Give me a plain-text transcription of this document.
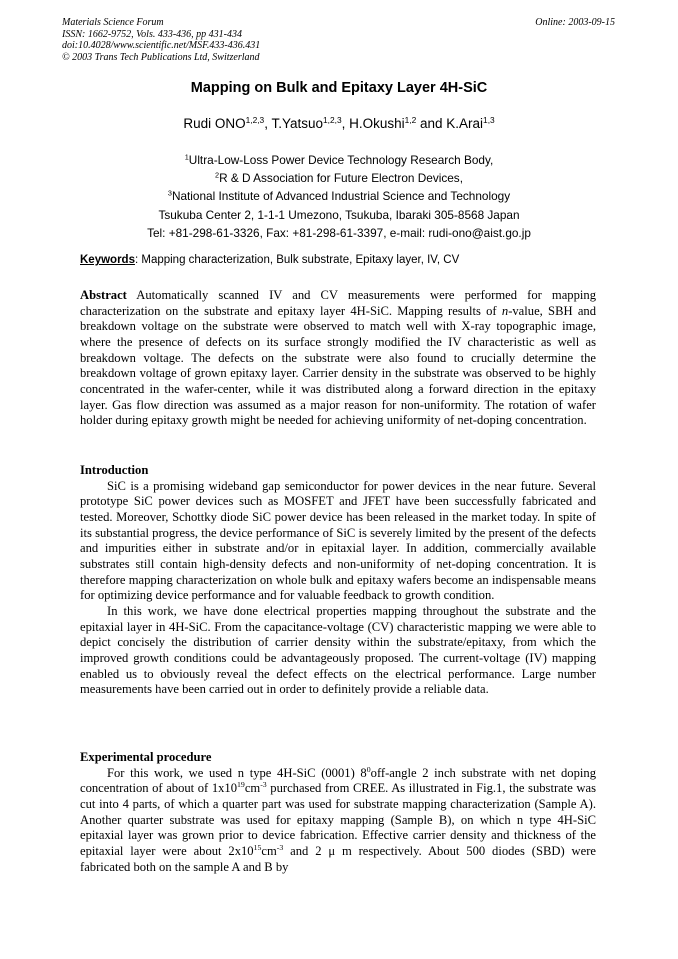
Materials Science Forum
ISSN: 1662-9752, Vols. 433-436, pp 431-434
doi:10.4028/www.scientific.net/MSF.433-436.431
© 2003 Trans Tech Publications Ltd, Switzerland
Online: 2003-09-15
Mapping on Bulk and Epitaxy Layer 4H-SiC
Rudi ONO$^{1,2,3}$, T.Yatsuo$^{1,2,3}$, H.Okushi$^{1,2}$ and K.Arai$^{1,3}$
$^1$Ultra-Low-Loss Power Device Technology Research Body,
$^2$R & D Association for Future Electron Devices,
$^3$National Institute of Advanced Industrial Science and Technology
Tsukuba Center 2, 1-1-1 Umezono, Tsukuba, Ibaraki 305-8568 Japan
Tel: +81-298-61-3326, Fax: +81-298-61-3397, e-mail: rudi-ono@aist.go.jp
Keywords: Mapping characterization, Bulk substrate, Epitaxy layer, IV, CV
Abstract Automatically scanned IV and CV measurements were performed for mapping characterization on the substrate and epitaxy layer 4H-SiC. Mapping results of n-value, SBH and breakdown voltage on the substrate were observed to match well with X-ray topographic image, where the presence of defects on its surface strongly modified the IV characteristic as well as breakdown voltage. The defects on the substrate were also found to crucially determine the breakdown voltage of grown epitaxy layer. Carrier density in the substrate was observed to be highly concentrated in the wafer-center, while it was distributed along a forward direction in the epitaxy layer. Gas flow direction was assumed as a major reason for non-uniformity. The rotation of wafer holder during epitaxy growth might be needed for achieving uniformity of net-doping concentration.
Introduction

SiC is a promising wideband gap semiconductor for power devices in the near future. Several prototype SiC power devices such as MOSFET and JFET have been successfully fabricated and tested. Moreover, Schottky diode SiC power device has been released in the market today. In spite of its substantial progress, the device performance of SiC is severely limited by the present of the defects and impurities either in substrate and/or in epitaxial layer. In addition, commercially available substrates still contain high-density defects and non-uniformity of net-doping concentration. It is therefore mapping characterization on whole bulk and epitaxy wafers become an indispensable means for optimizing device performance and for valuable feedback to growth condition.

In this work, we have done electrical properties mapping throughout the substrate and the epitaxial layer in 4H-SiC. From the capacitance-voltage (CV) characteristic mapping we were able to depict concisely the distribution of carrier density within the substrate/epitaxy, from which the improved growth conditions could be advantageously proposed. The current-voltage (IV) mapping enabled us to obviously reveal the defect effects on the electrical performance. Large number measurements have been carried out in order to definitely provide a reliable data.

Experimental procedure

For this work, we used n type 4H-SiC (0001) $8^0off$-angle 2 inch substrate with net doping concentration of about of $1x10^{19}cm^{-3}$ purchased from CREE. As illustrated in Fig.1, the substrate was cut into 4 parts, of which a quarter part was used for substrate mapping characterization (Sample A). Another quarter substrate was used for epitaxy mapping (Sample B), on which n type 4H-SiC epitaxial layer was grown prior to device fabrication. Effective carrier density and thickness of the epitaxial layer were about $2x10^{15}cm^{-3}$ and 2 μ m respectively. About 500 diodes (SBD) were fabricated both on the sample A and B by
